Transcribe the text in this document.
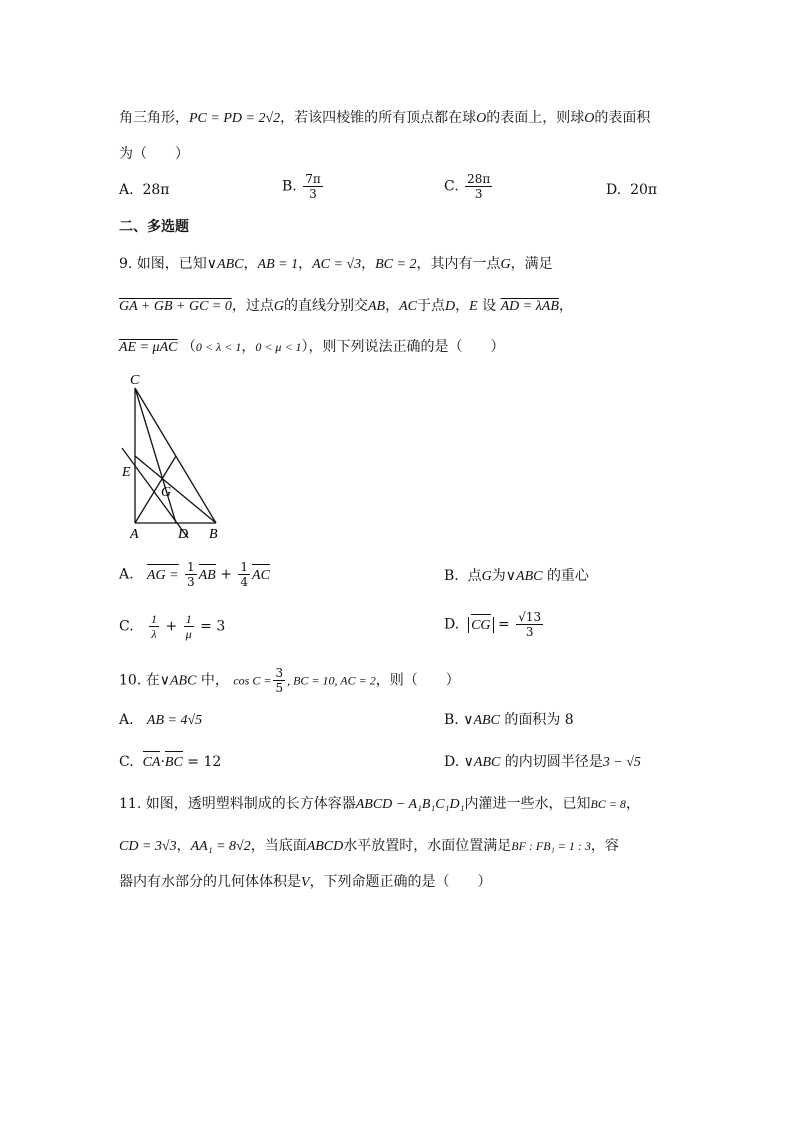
角三角形，PC = PD = 2√2，若该四棱锥的所有顶点都在球O的表面上，则球O的表面积
为（　　）
A. 28π	B. $\frac{7\pi}{3}$	C. $\frac{28\pi}{3}$	D. 20π
二、多选题
9. 如图，已知∨ABC，AB = 1，AC = √3，BC = 2，其内有一点G，满足
GA + GB + GC = 0，过点G的直线分别交AB，AC于点D，E 设 AD = λAB，
AE = μAC （0 < λ < 1，0 < μ < 1），则下列说法正确的是（　　）
C
E
G
A	D B
A. AG = $\frac{1}{3}$ AB + $\frac{1}{4}$ AC	B. 点G为∨ABC 的重心
C. $\frac{1}{\lambda} + \frac{1}{\mu} = 3$	D. CG = $\frac{√13}{3}$
10. 在∨ABC 中， $\cos C = \frac{3}{5}$ , BC = 10, AC = 2，则（　　）
A. AB = 4√5	B. ∨ABC 的面积为 8
C. CA·BC = 12	D. ∨ABC 的内切圆半径是3 − √5
11. 如图，透明塑料制成的长方体容器ABCD − A₁B₁C₁D₁内灌进一些水，已知BC = 8，
CD = 3√3，AA₁ = 8√2，当底面ABCD水平放置时，水面位置满足BF : FB₁ = 1 : 3，容
器内有水部分的几何体体积是V，下列命题正确的是（　　）
